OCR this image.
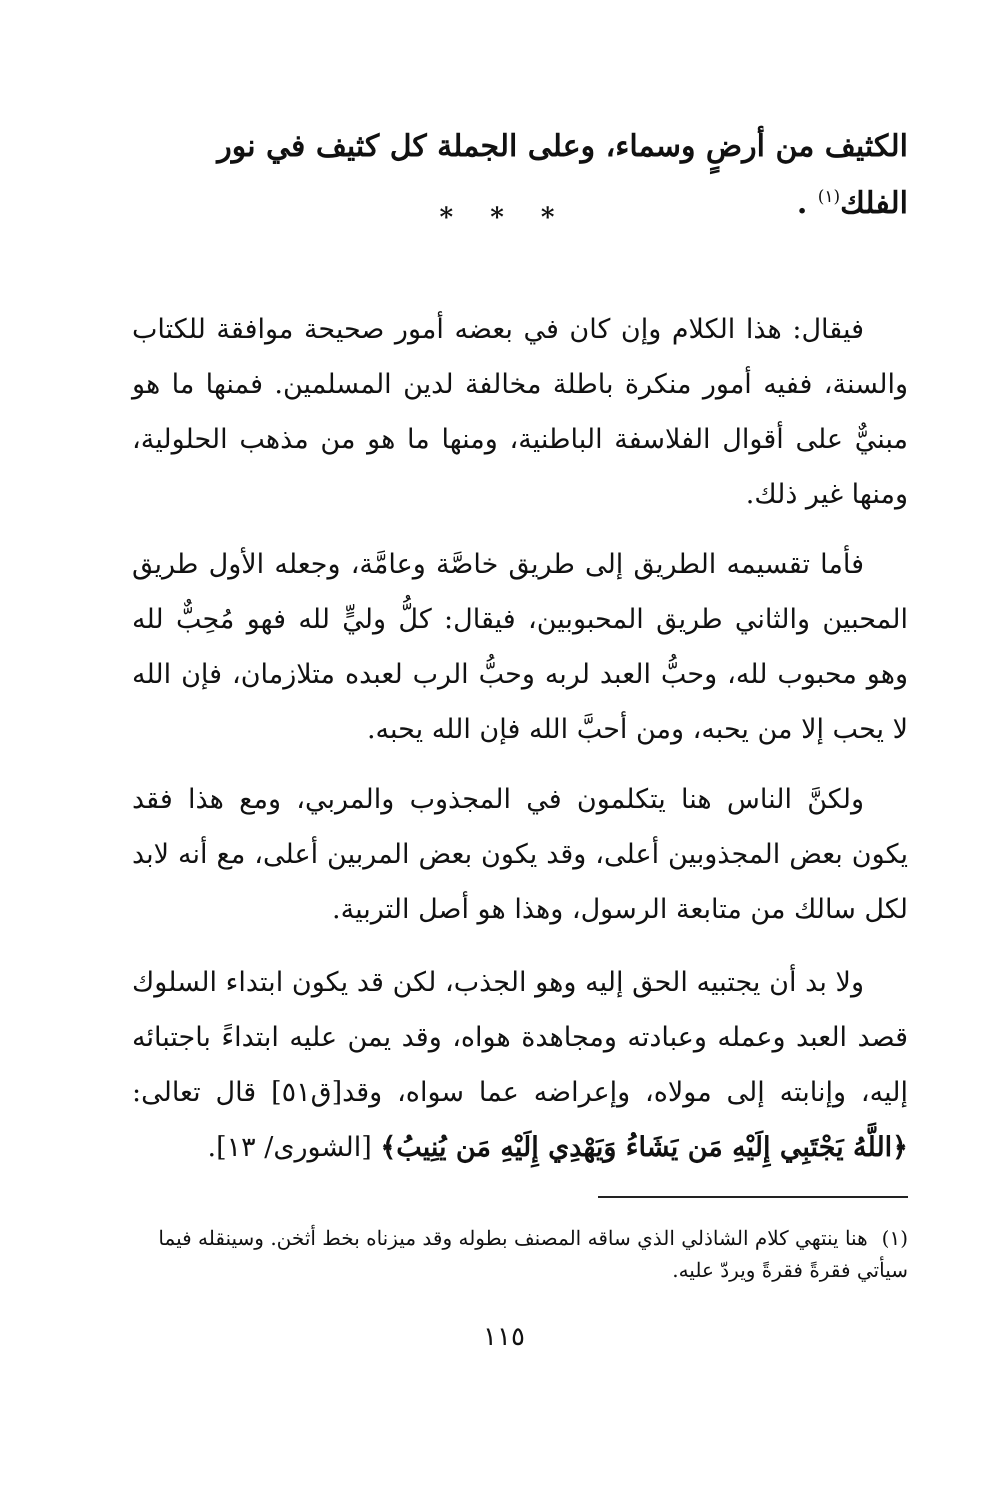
الكثيف من أرضٍ وسماء، وعلى الجملة كل كثيف في نور الفلك$^{(١)}$ .
* * *
فيقال: هذا الكلام وإن كان في بعضه أمور صحيحة موافقة للكتاب والسنة، ففيه أمور منكرة باطلة مخالفة لدين المسلمين. فمنها ما هو مبنيٌّ على أقوال الفلاسفة الباطنية، ومنها ما هو من مذهب الحلولية، ومنها غير ذلك.
فأما تقسيمه الطريق إلى طريق خاصَّة وعامَّة، وجعله الأول طريق المحبين والثاني طريق المحبوبين، فيقال: كلُّ وليٍّ لله فهو مُحِبٌّ لله وهو محبوب لله، وحبُّ العبد لربه وحبُّ الرب لعبده متلازمان، فإن الله لا يحب إلا من يحبه، ومن أحبَّ الله فإن الله يحبه.
ولكنَّ الناس هنا يتكلمون في المجذوب والمربي، ومع هذا فقد يكون بعض المجذوبين أعلى، وقد يكون بعض المربين أعلى، مع أنه لابد لكل سالك من متابعة الرسول، وهذا هو أصل التربية.
ولا بد أن يجتبيه الحق إليه وهو الجذب، لكن قد يكون ابتداء السلوك قصد العبد وعمله وعبادته ومجاهدة هواه، وقد يمن عليه ابتداءً باجتبائه إليه، وإنابته إلى مولاه، وإعراضه عما سواه، وقد[ق٥١] قال تعالى: ﴿اللَّهُ يَجْتَبِي إِلَيْهِ مَن يَشَاءُ وَيَهْدِي إِلَيْهِ مَن يُنِيبُ﴾ [الشورى/ ١٣].
(١)هنا ينتهي كلام الشاذلي الذي ساقه المصنف بطوله وقد ميزناه بخط أثخن. وسينقله فيما سيأتي فقرةً فقرةً ويردّ عليه.
١١٥
